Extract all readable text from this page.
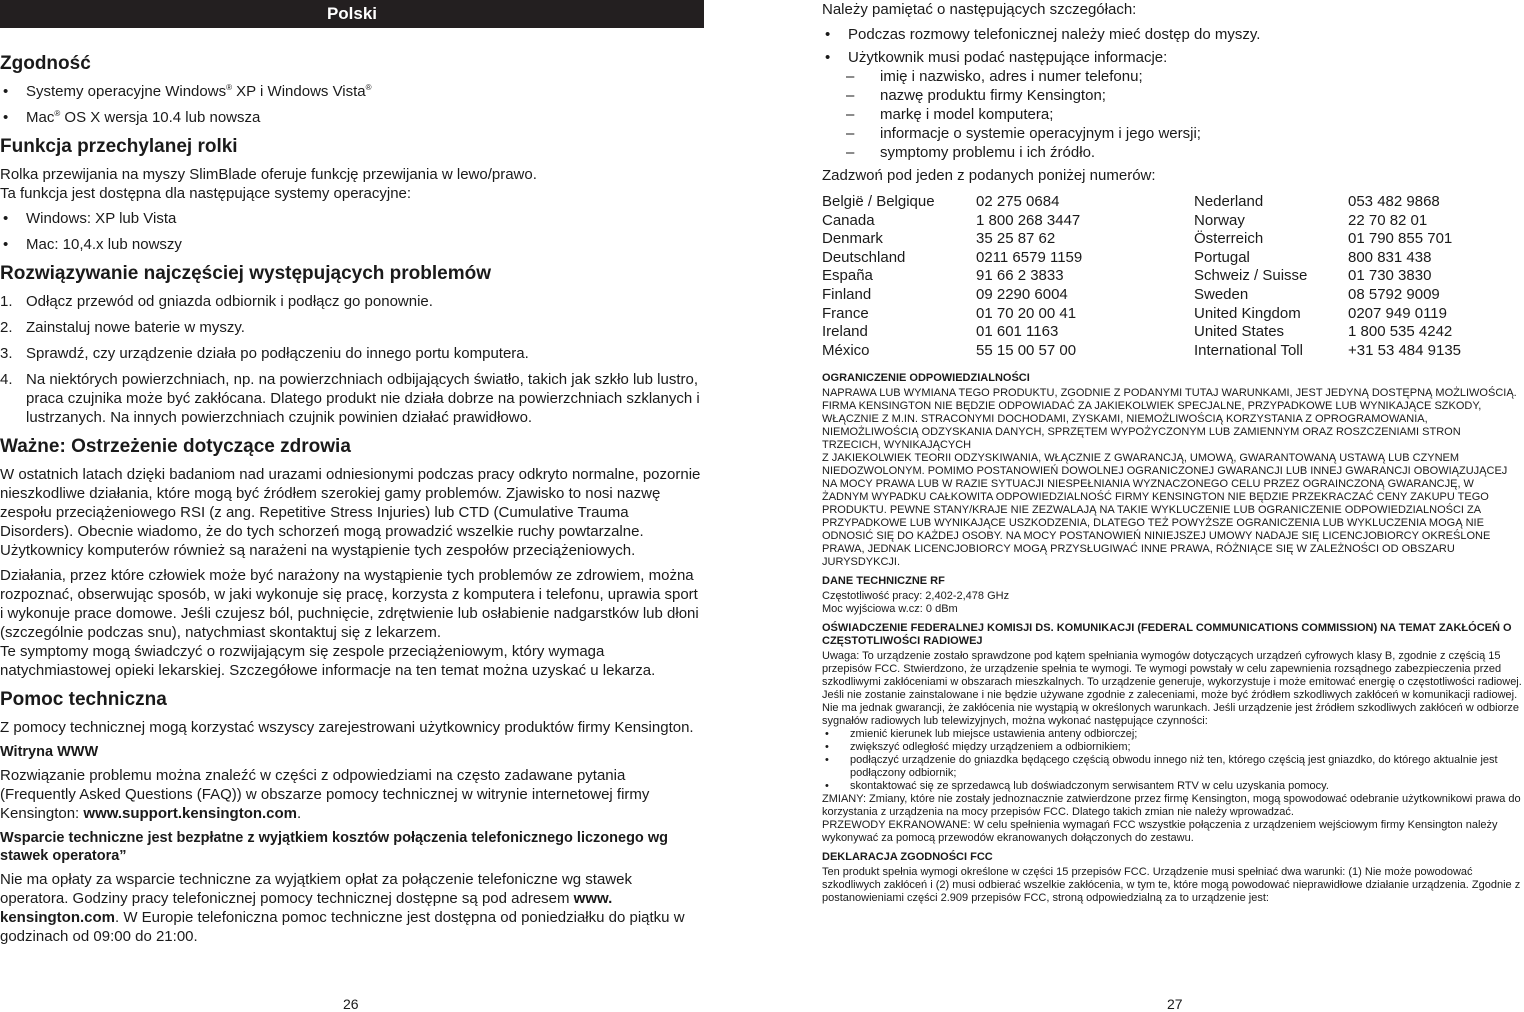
Polski
Zgodność
• Systemy operacyjne Windows® XP i Windows Vista®
• Mac® OS X wersja 10.4 lub nowsza
Funkcja przechylanej rolki
Rolka przewijania na myszy SlimBlade oferuje funkcję przewijania w lewo/prawo.
Ta funkcja jest dostępna dla następujące systemy operacyjne:
• Windows: XP lub Vista
• Mac: 10,4.x lub nowszy
Rozwiązywanie najczęściej występujących problemów
1. Odłącz przewód od gniazda odbiornik i podłącz go ponownie.
2. Zainstaluj nowe baterie w myszy.
3. Sprawdź, czy urządzenie działa po podłączeniu do innego portu komputera.
4. Na niektórych powierzchniach, np. na powierzchniach odbijających światło, takich jak szkło lub lustro, praca czujnika może być zakłócana. Dlatego produkt nie działa dobrze na powierzchniach szklanych i lustrzanych. Na innych powierzchniach czujnik powinien działać prawidłowo.
Ważne: Ostrzeżenie dotyczące zdrowia

W ostatnich latach dzięki badaniom nad urazami odniesionymi podczas pracy odkryto normalne, pozornie nieszkodliwe działania, które mogą być źródłem szerokiej gamy problemów. Zjawisko to nosi nazwę zespołu przeciążeniowego RSI (z ang. Repetitive Stress Injuries) lub CTD (Cumulative Trauma Disorders). Obecnie wiadomo, że do tych schorzeń mogą prowadzić wszelkie ruchy powtarzalne. Użytkownicy komputerów również są narażeni na wystąpienie tych zespołów przeciążeniowych.

Działania, przez które człowiek może być narażony na wystąpienie tych problemów ze zdrowiem, można rozpoznać, obserwując sposób, w jaki wykonuje się pracę, korzysta z komputera i telefonu, uprawia sport i wykonuje prace domowe. Jeśli czujesz ból, puchnięcie, zdrętwienie lub osłabienie nadgarstków lub dłoni (szczególnie podczas snu), natychmiast skontaktuj się z lekarzem.

Te symptomy mogą świadczyć o rozwijającym się zespole przeciążeniowym, który wymaga natychmiastowej opieki lekarskiej. Szczegółowe informacje na ten temat można uzyskać u lekarza.

Pomoc techniczna

Z pomocy technicznej mogą korzystać wszyscy zarejestrowani użytkownicy produktów firmy Kensington.

Witryna WWW

Rozwiązanie problemu można znaleźć w części z odpowiedziami na często zadawane pytania (Frequently Asked Questions (FAQ)) w obszarze pomocy technicznej w witrynie internetowej firmy Kensington: www.support.kensington.com.

Wsparcie techniczne jest bezpłatne z wyjątkiem kosztów połączenia telefonicznego liczonego wg stawek operatora”

Nie ma opłaty za wsparcie techniczne za wyjątkiem opłat za połączenie telefoniczne wg stawek operatora. Godziny pracy telefonicznej pomocy technicznej dostępne są pod adresem www. kensington.com. W Europie telefoniczna pomoc techniczne jest dostępna od poniedziałku do piątku w godzinach od 09:00 do 21:00.

26
Należy pamiętać o następujących szczegółach:
• Podczas rozmowy telefonicznej należy mieć dostęp do myszy.
• Użytkownik musi podać następujące informacje:
– imię i nazwisko, adres i numer telefonu;
– nazwę produktu firmy Kensington;
– markę i model komputera;
– informacje o systemie operacyjnym i jego wersji;
– symptomy problemu i ich źródło.
Zadzwoń pod jeden z podanych poniżej numerów:
België / Belgique	02 275 0684	Nederland	053 482 9868
Canada	1 800 268 3447	Norway	22 70 82 01
Denmark	35 25 87 62	Österreich	01 790 855 701
Deutschland	0211 6579 1159	Portugal	800 831 438
España	91 66 2 3833	Schweiz / Suisse	01 730 3830
Finland	09 2290 6004	Sweden	08 5792 9009
France	01 70 20 00 41	United Kingdom	0207 949 0119
Ireland	01 601 1163	United States	1 800 535 4242
México	55 15 00 57 00	International Toll	+31 53 484 9135
OGRANICZENIE ODPOWIEDZIALNOŚCI
NAPRAWA LUB WYMIANA TEGO PRODUKTU, ZGODNIE Z PODANYMI TUTAJ WARUNKAMI, JEST JEDYNĄ DOSTĘPNĄ MOŻLIWOŚCIĄ. FIRMA KENSINGTON NIE BĘDZIE ODPOWIADAĆ ZA JAKIEKOLWIEK SPECJALNE, PRZYPADKOWE LUB WYNIKAJĄCE SZKODY, WŁĄCZNIE Z M.IN. STRACONYMI DOCHODAMI, ZYSKAMI, NIEMOŻLIWOŚCIĄ KORZYSTANIA Z OPROGRAMOWANIA, NIEMOŻLIWOŚCIĄ ODZYSKANIA DANYCH, SPRZĘTEM WYPOŻYCZONYM LUB ZAMIENNYM ORAZ ROSZCZENIAMI STRON TRZECICH, WYNIKAJĄCYCH
Z JAKIEKOLWIEK TEORII ODZYSKIWANIA, WŁĄCZNIE Z GWARANCJĄ, UMOWĄ, GWARANTOWANĄ USTAWĄ LUB CZYNEM NIEDOZWOLONYM. POMIMO POSTANOWIEŃ DOWOLNEJ OGRANICZONEJ GWARANCJI LUB INNEJ GWARANCJI OBOWIĄZUJĄCEJ NA MOCY PRAWA LUB W RAZIE SYTUACJI NIESPEŁNIANIA WYZNACZONEGO CELU PRZEZ OGRAINCZONĄ GWARANCJĘ, W ŻADNYM WYPADKU CAŁKOWITA ODPOWIEDZIALNOŚĆ FIRMY KENSINGTON NIE BĘDZIE PRZEKRACZAĆ CENY ZAKUPU TEGO PRODUKTU. PEWNE STANY/KRAJE NIE ZEZWALAJĄ NA TAKIE WYKLUCZENIE LUB OGRANICZENIE ODPOWIEDZIALNOŚCI ZA PRZYPADKOWE LUB WYNIKAJĄCE USZKODZENIA, DLATEGO TEŻ POWYŻSZE OGRANICZENIA LUB WYKLUCZENIA MOGĄ NIE ODNOSIĆ SIĘ DO KAŻDEJ OSOBY. NA MOCY POSTANOWIEŃ NINIEJSZEJ UMOWY NADAJE SIĘ LICENCJOBIORCY OKREŚLONE PRAWA, JEDNAK LICENCJOBIORCY MOGĄ PRZYSŁUGIWAĆ INNE PRAWA, RÓŻNIĄCE SIĘ W ZALEŻNOŚCI OD OBSZARU JURYSDYKCJI.
DANE TECHNICZNE RF
Częstotliwość pracy: 2,402-2,478 GHz
Moc wyjściowa w.cz: 0 dBm
OŚWIADCZENIE FEDERALNEJ KOMISJI DS. KOMUNIKACJI (FEDERAL COMMUNICATIONS COMMISSION) NA TEMAT ZAKŁÓCEŃ O CZĘSTOTLIWOŚCI RADIOWEJ
Uwaga: To urządzenie zostało sprawdzone pod kątem spełniania wymogów dotyczących urządzeń cyfrowych klasy B, zgodnie z częścią 15 przepisów FCC. Stwierdzono, że urządzenie spełnia te wymogi. Te wymogi powstały w celu zapewnienia rozsądnego zabezpieczenia przed szkodliwymi zakłóceniami w obszarach mieszkalnych. To urządzenie generuje, wykorzystuje i może emitować energię o częstotliwości radiowej. Jeśli nie zostanie zainstalowane i nie będzie używane zgodnie z zaleceniami, może być źródłem szkodliwych zakłóceń w komunikacji radiowej.
Nie ma jednak gwarancji, że zakłócenia nie wystąpią w określonych warunkach. Jeśli urządzenie jest źródłem szkodliwych zakłóceń w odbiorze sygnałów radiowych lub telewizyjnych, można wykonać następujące czynności:
• zmienić kierunek lub miejsce ustawienia anteny odbiorczej;
• zwiększyć odległość między urządzeniem a odbiornikiem;
• podłączyć urządzenie do gniazdka będącego częścią obwodu innego niż ten, którego częścią jest gniazdko, do którego aktualnie jest podłączony odbiornik;
• skontaktować się ze sprzedawcą lub doświadczonym serwisantem RTV w celu uzyskania pomocy.
ZMIANY: Zmiany, które nie zostały jednoznacznie zatwierdzone przez firmę Kensington, mogą spowodować odebranie użytkownikowi prawa do korzystania z urządzenia na mocy przepisów FCC. Dlatego takich zmian nie należy wprowadzać.
PRZEWODY EKRANOWANE: W celu spełnienia wymagań FCC wszystkie połączenia z urządzeniem wejściowym firmy Kensington należy wykonywać za pomocą przewodów ekranowanych dołączonych do zestawu.
DEKLARACJA ZGODNOŚCI FCC
Ten produkt spełnia wymogi określone w części 15 przepisów FCC. Urządzenie musi spełniać dwa warunki: (1) Nie może powodować szkodliwych zakłóceń i (2) musi odbierać wszelkie zakłócenia, w tym te, które mogą powodować nieprawidłowe działanie urządzenia. Zgodnie z postanowieniami części 2.909 przepisów FCC, stroną odpowiedzialną za to urządzenie jest:
27
